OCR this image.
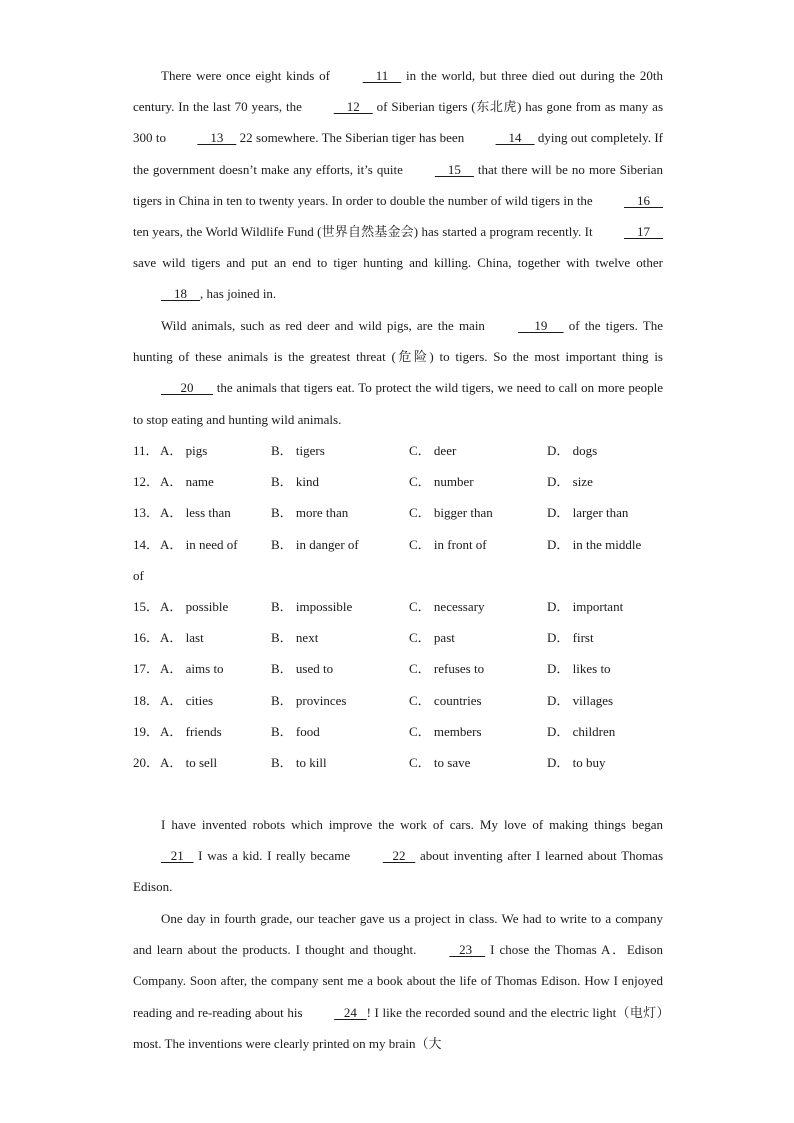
There were once eight kinds of     11     in the world, but three died out during the 20th century. In the last 70 years, the     12     of Siberian tigers (东北虎) has gone from as many as 300 to     13     22 somewhere. The Siberian tiger has been     14     dying out completely. If the government doesn’t make any efforts, it’s quite     15     that there will be no more Siberian tigers in China in ten to twenty years. In order to double the number of wild tigers in the     16     ten years, the World Wildlife Fund (世界自然基金会) has started a program recently. It     17     save wild tigers and put an end to tiger hunting and killing. China, together with twelve other     18    , has joined in.

Wild animals, such as red deer and wild pigs, are the main      19      of the tigers. The hunting of these animals is the greatest threat (危险) to tigers. So the most important thing is       20       the animals that tigers eat. To protect the wild tigers, we need to call on more people to stop eating and hunting wild animals.

11． A． pigs	B． tigers	C． deer	D． dogs
12． A． name	B． kind	C． number	D． size
13． A． less than	B． more than	C． bigger than	D． larger than
14． A． in need of	B． in danger of	C． in front of	D． in the middle
of
15． A． possible	B． impossible	C． necessary	D． important
16． A． last	B． next	C． past	D． first
17． A． aims to	B． used to	C． refuses to	D． likes to
18． A． cities	B． provinces	C． countries	D． villages
19． A． friends	B． food	C． members	D． children
20． A． to sell	B． to kill	C． to save	D． to buy

I have invented robots which improve the work of cars. My love of making things began    21    I was a kid. I really became    22    about inventing after I learned about Thomas Edison.

One day in fourth grade, our teacher gave us a project in class. We had to write to a company and learn about the products. I thought and thought.    23     I chose the Thomas A．Edison Company. Soon after, the company sent me a book about the life of Thomas Edison. How I enjoyed reading and re-reading about his    24   ! I like the recorded sound and the electric light（电灯）most. The inventions were clearly printed on my brain（大
